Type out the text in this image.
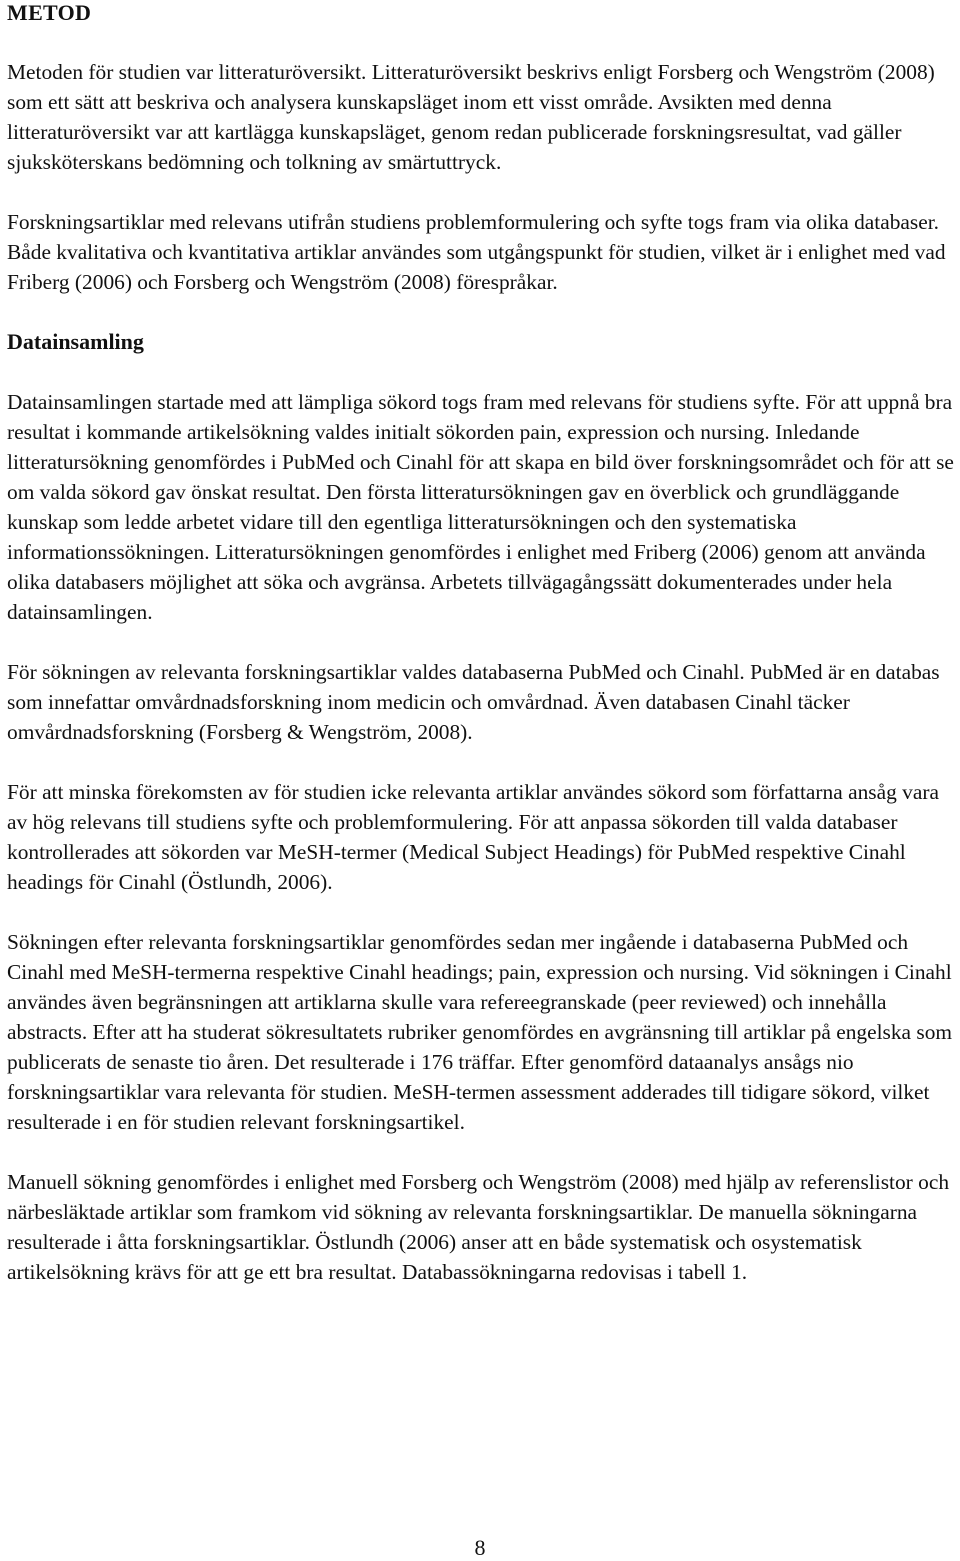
METOD

Metoden för studien var litteraturöversikt. Litteraturöversikt beskrivs enligt Forsberg och Wengström (2008) som ett sätt att beskriva och analysera kunskapsläget inom ett visst område. Avsikten med denna litteraturöversikt var att kartlägga kunskapsläget, genom redan publicerade forskningsresultat, vad gäller sjuksköterskans bedömning och tolkning av smärtuttryck.

Forskningsartiklar med relevans utifrån studiens problemformulering och syfte togs fram via olika databaser. Både kvalitativa och kvantitativa artiklar användes som utgångspunkt för studien, vilket är i enlighet med vad Friberg (2006) och Forsberg och Wengström (2008) förespråkar.

Datainsamling

Datainsamlingen startade med att lämpliga sökord togs fram med relevans för studiens syfte. För att uppnå bra resultat i kommande artikelsökning valdes initialt sökorden pain, expression och nursing. Inledande litteratursökning genomfördes i PubMed och Cinahl för att skapa en bild över forskningsområdet och för att se om valda sökord gav önskat resultat. Den första litteratursökningen gav en överblick och grundläggande kunskap som ledde arbetet vidare till den egentliga litteratursökningen och den systematiska informationssökningen. Litteratursökningen genomfördes i enlighet med Friberg (2006) genom att använda olika databasers möjlighet att söka och avgränsa. Arbetets tillvägagångssätt dokumenterades under hela datainsamlingen.

För sökningen av relevanta forskningsartiklar valdes databaserna PubMed och Cinahl. PubMed är en databas som innefattar omvårdnadsforskning inom medicin och omvårdnad. Även databasen Cinahl täcker omvårdnadsforskning (Forsberg & Wengström, 2008).

För att minska förekomsten av för studien icke relevanta artiklar användes sökord som författarna ansåg vara av hög relevans till studiens syfte och problemformulering. För att anpassa sökorden till valda databaser kontrollerades att sökorden var MeSH-termer (Medical Subject Headings) för PubMed respektive Cinahl headings för Cinahl (Östlundh, 2006).

Sökningen efter relevanta forskningsartiklar genomfördes sedan mer ingående i databaserna PubMed och Cinahl med MeSH-termerna respektive Cinahl headings; pain, expression och nursing. Vid sökningen i Cinahl användes även begränsningen att artiklarna skulle vara refereegranskade (peer reviewed) och innehålla abstracts. Efter att ha studerat sökresultatets rubriker genomfördes en avgränsning till artiklar på engelska som publicerats de senaste tio åren. Det resulterade i 176 träffar. Efter genomförd dataanalys ansågs nio forskningsartiklar vara relevanta för studien. MeSH-termen assessment adderades till tidigare sökord, vilket resulterade i en för studien relevant forskningsartikel.

Manuell sökning genomfördes i enlighet med Forsberg och Wengström (2008) med hjälp av referenslistor och närbesläktade artiklar som framkom vid sökning av relevanta forskningsartiklar. De manuella sökningarna resulterade i åtta forskningsartiklar. Östlundh (2006) anser att en både systematisk och osystematisk artikelsökning krävs för att ge ett bra resultat. Databassökningarna redovisas i tabell 1.

8
